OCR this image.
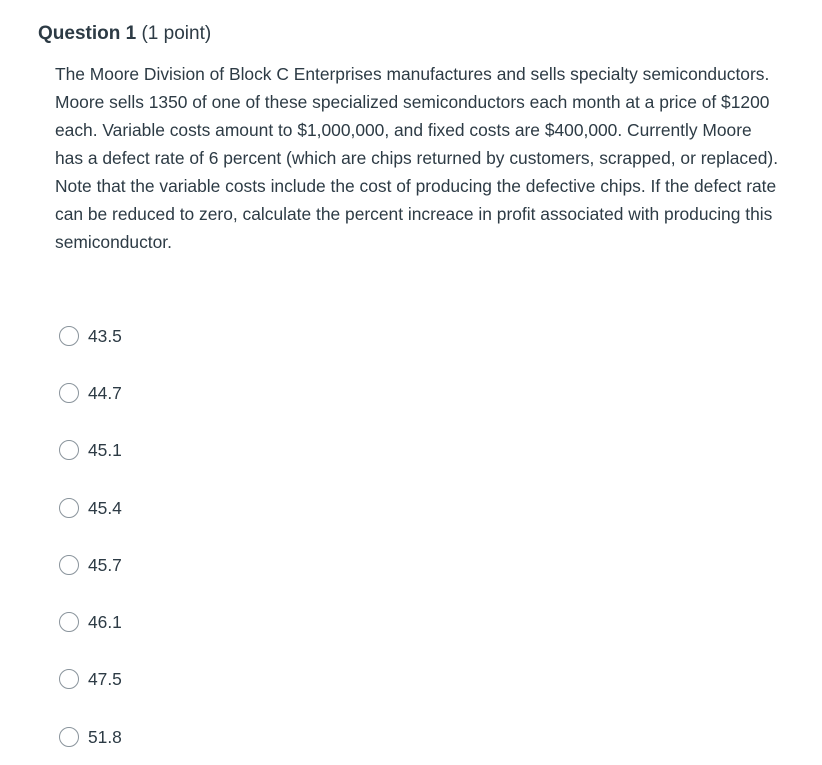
Question 1 (1 point)

The Moore Division of Block C Enterprises manufactures and sells specialty semiconductors. Moore sells 1350 of one of these specialized semiconductors each month at a price of $1200 each. Variable costs amount to $1,000,000, and fixed costs are $400,000. Currently Moore has a defect rate of 6 percent (which are chips returned by customers, scrapped, or replaced). Note that the variable costs include the cost of producing the defective chips. If the defect rate can be reduced to zero, calculate the percent increace in profit associated with producing this semiconductor.

43.5
44.7
45.1
45.4
45.7
46.1
47.5
51.8
